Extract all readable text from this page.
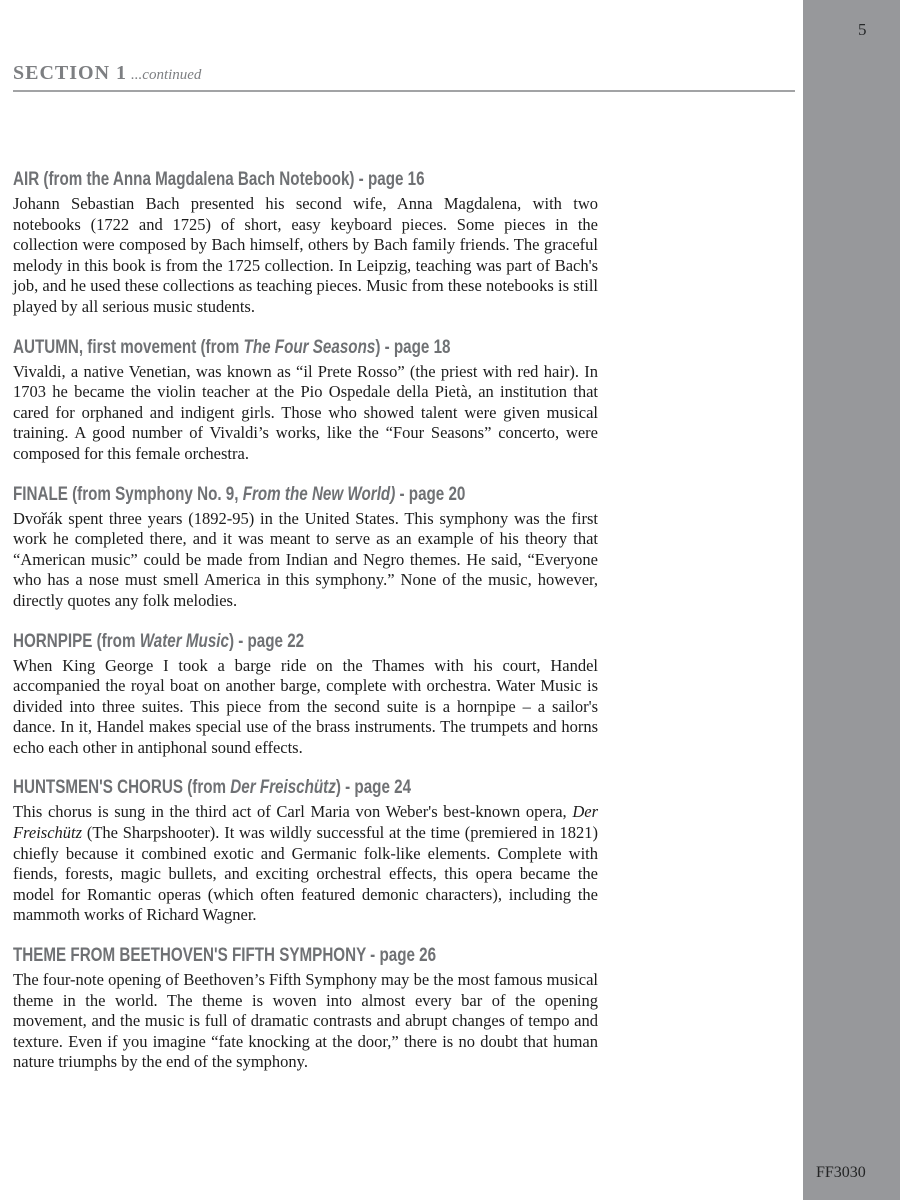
5
FF3030
SECTION 1 ...continued
AIR (from the Anna Magdalena Bach Notebook) - page 16

Johann Sebastian Bach presented his second wife, Anna Magdalena, with two notebooks (1722 and 1725) of short, easy keyboard pieces. Some pieces in the collection were composed by Bach himself, others by Bach family friends. The graceful melody in this book is from the 1725 collection. In Leipzig, teaching was part of Bach's job, and he used these collections as teaching pieces. Music from these notebooks is still played by all serious music students.

AUTUMN, first movement (from The Four Seasons) - page 18

Vivaldi, a native Venetian, was known as “il Prete Rosso” (the priest with red hair). In 1703 he became the violin teacher at the Pio Ospedale della Pietà, an institution that cared for orphaned and indigent girls. Those who showed talent were given musical training. A good number of Vivaldi’s works, like the “Four Seasons” concerto, were composed for this female orchestra.

FINALE (from Symphony No. 9, From the New World) - page 20

Dvořák spent three years (1892-95) in the United States. This symphony was the first work he completed there, and it was meant to serve as an example of his theory that “American music” could be made from Indian and Negro themes. He said, “Everyone who has a nose must smell America in this symphony.” None of the music, however, directly quotes any folk melodies.

HORNPIPE (from Water Music) - page 22

When King George I took a barge ride on the Thames with his court, Handel accompanied the royal boat on another barge, complete with orchestra. Water Music is divided into three suites. This piece from the second suite is a hornpipe – a sailor's dance. In it, Handel makes special use of the brass instruments. The trumpets and horns echo each other in antiphonal sound effects.

HUNTSMEN'S CHORUS (from Der Freischütz) - page 24

This chorus is sung in the third act of Carl Maria von Weber's best-known opera, Der Freischütz (The Sharpshooter). It was wildly successful at the time (premiered in 1821) chiefly because it combined exotic and Germanic folk-like elements. Complete with fiends, forests, magic bullets, and exciting orchestral effects, this opera became the model for Romantic operas (which often featured demonic characters), including the mammoth works of Richard Wagner.

THEME FROM BEETHOVEN'S FIFTH SYMPHONY - page 26

The four-note opening of Beethoven’s Fifth Symphony may be the most famous musical theme in the world. The theme is woven into almost every bar of the opening movement, and the music is full of dramatic contrasts and abrupt changes of tempo and texture. Even if you imagine “fate knocking at the door,” there is no doubt that human nature triumphs by the end of the symphony.
